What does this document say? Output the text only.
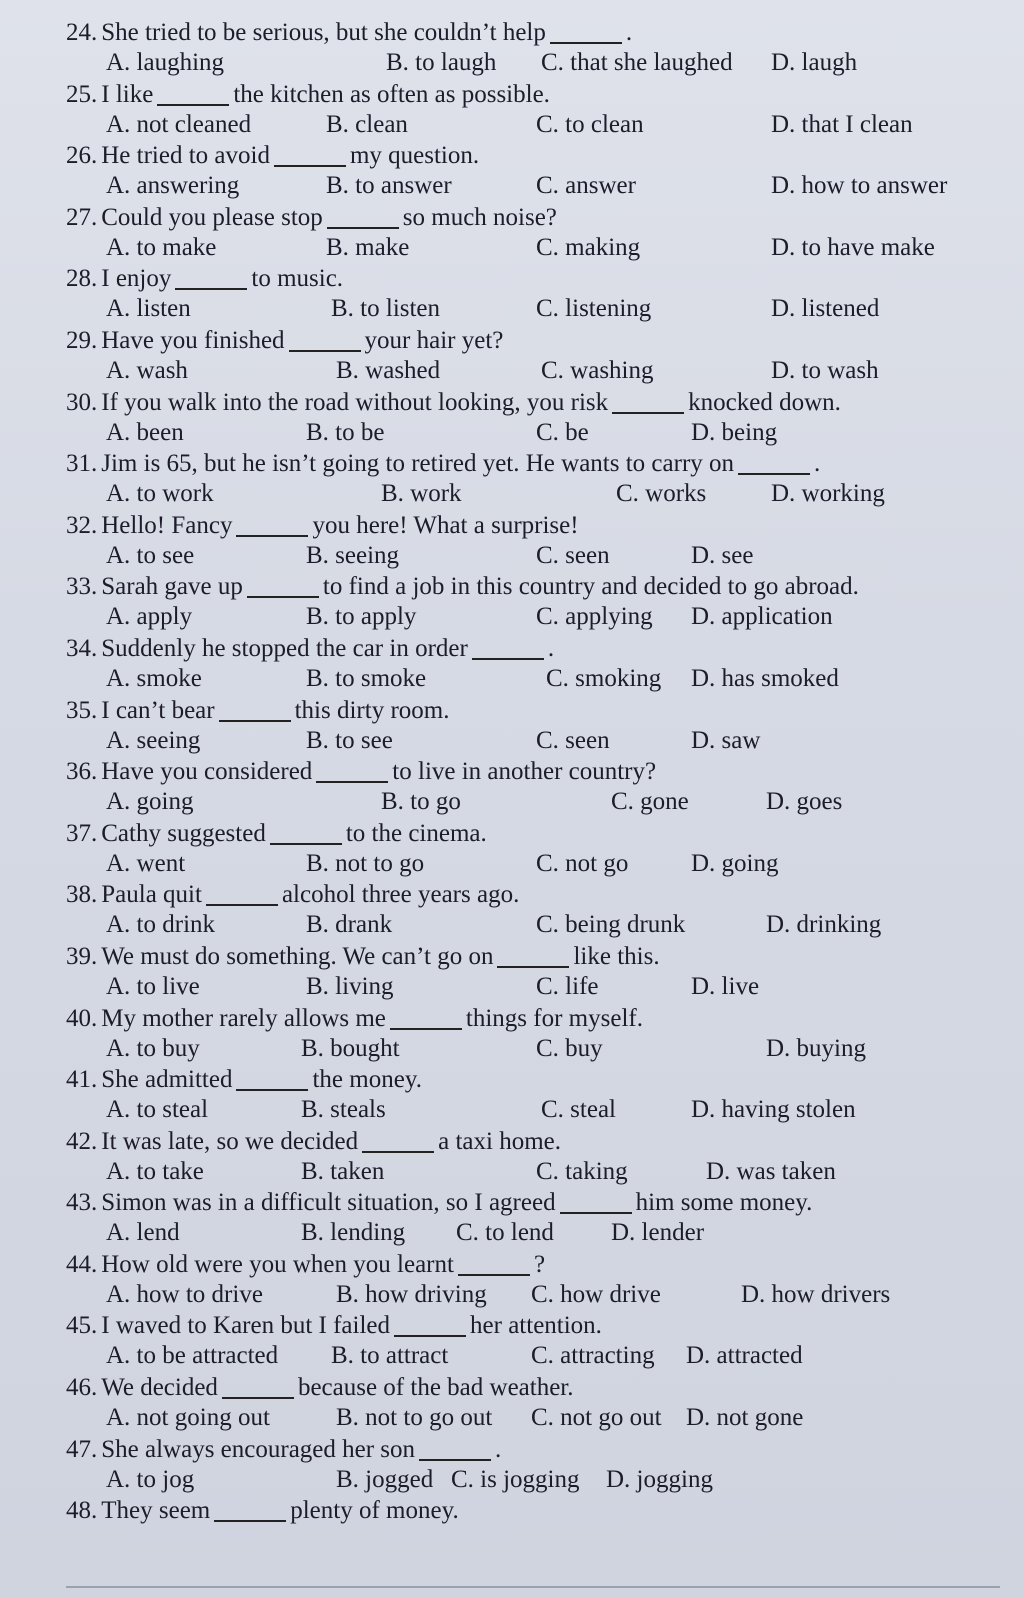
24. She tried to be serious, but she couldn’t help	.
A. laughing	B. to laugh C. that she laughed D. laugh
25. I like	the kitchen as often as possible.
A. not cleaned	B. clean	C. to clean	D. that I clean
26. He tried to avoid	my question.
A. answering	B. to answer	C. answer	D. how to answer
27. Could you please stop	so much noise?
A. to make	B. make	C. making	D. to have make
28. I enjoy	to music.
A. listen	B. to listen	C. listening	D. listened
29. Have you finished	your hair yet?
A. wash	B. washed	C. washing	D. to wash
30. If you walk into the road without looking, you risk	knocked down.
A. been	B. to be	C. be	D. being
31. Jim is 65, but he isn’t going to retired yet. He wants to carry on	.
A. to work	B. work	C. works	D. working
32. Hello! Fancy	you here! What a surprise!
A. to see	B. seeing	C. seen	D. see
33. Sarah gave up	to find a job in this country and decided to go abroad.
A. apply	B. to apply	C. applying D. application
34. Suddenly he stopped the car in order	.
A. smoke	B. to smoke	C. smoking D. has smoked
35. I can’t bear	this dirty room.
A. seeing	B. to see	C. seen	D. saw
36. Have you considered	to live in another country?
A. going	B. to go	C. gone	D. goes
37. Cathy suggested	to the cinema.
A. went	B. not to go	C. not go	D. going
38. Paula quit	alcohol three years ago.
A. to drink	B. drank	C. being drunk	D. drinking
39. We must do something. We can’t go on	like this.
A. to live	B. living	C. life	D. live
40. My mother rarely allows me	things for myself.
A. to buy	B. bought	C. buy	D. buying
41. She admitted	the money.
A. to steal	B. steals	C. steal	D. having stolen
42. It was late, so we decided	a taxi home.
A. to take	B. taken	C. taking	D. was taken
43. Simon was in a difficult situation, so I agreed	him some money.
A. lend	B. lending C. to lend D. lender
44. How old were you when you learnt	?
A. how to drive	B. how driving C. how drive	D. how drivers
45. I waved to Karen but I failed	her attention.
A. to be attracted B. to attract	C. attracting D. attracted
46. We decided	because of the bad weather.
A. not going out	B. not to go out C. not go out D. not gone
47. She always encouraged her son	.
A. to jog	B. jogged C. is jogging D. jogging
48. They seem	plenty of money.
